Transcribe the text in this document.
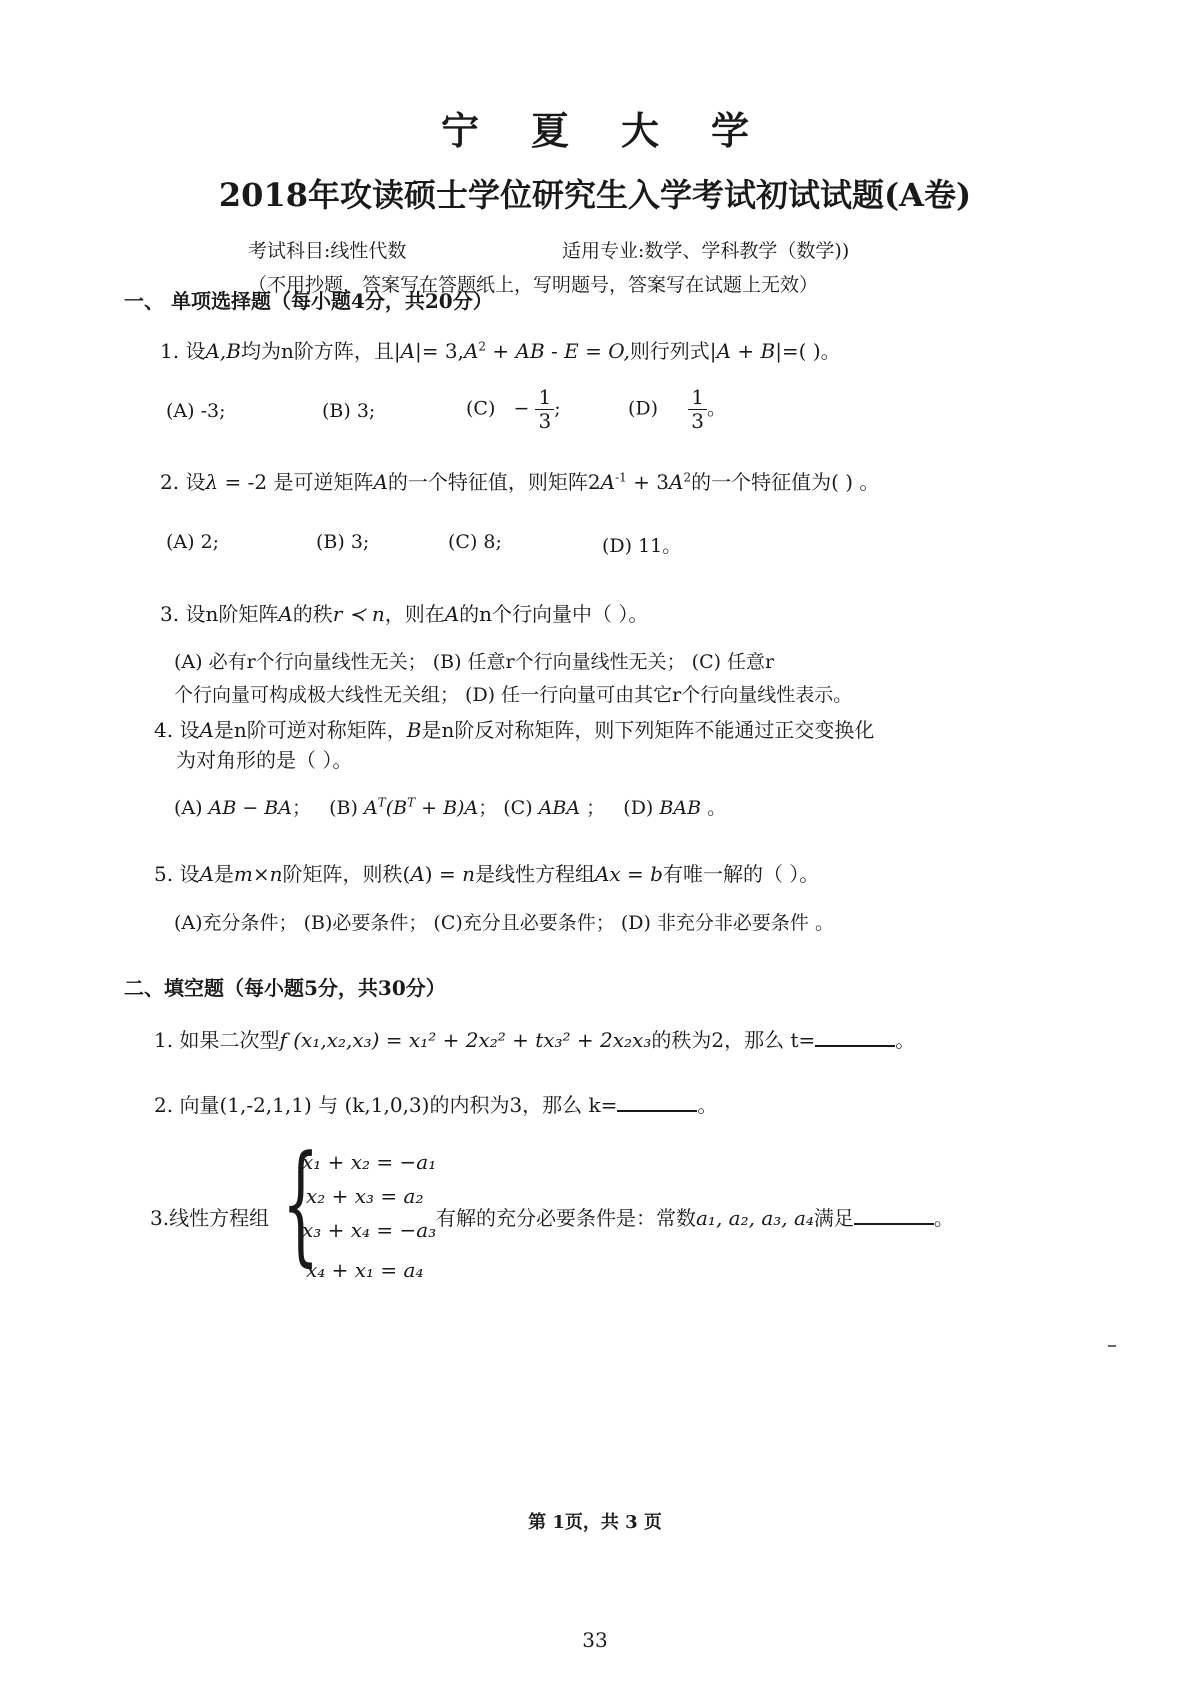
宁夏大学
2018年攻读硕士学位研究生入学考试初试试题(A卷)
考试科目:线性代数	适用专业:数学、学科教学（数学))
（不用抄题，答案写在答题纸上，写明题号，答案写在试题上无效）
一、 单项选择题（每小题4分，共20分）
1. 设A,B均为n阶方阵，且$|A|= 3,A^2$ + AB - E = O,则行列式|A + B|=( )。
(A) -3;	(B) 3;	$(C) - \frac{1}{3}$ ;	$(D) \frac{1}{3}$ 。
2. 设λ = -2 是可逆矩阵A的一个特征值，则矩阵$2A^{-1} + 3A^2$的一个特征值为( ) 。
(A) 2;	(B) 3;	(C) 8;	(D) 11。
3. 设n阶矩阵A的秩r ≺ n，则在A的n个行向量中（ ）。
(A) 必有r个行向量线性无关； (B) 任意r个行向量线性无关； (C) 任意r
个行向量可构成极大线性无关组； (D) 任一行向量可由其它r个行向量线性表示。
4. 设A是n阶可逆对称矩阵，B是n阶反对称矩阵，则下列矩阵不能通过正交变换化
为对角形的是（ ）。
(A) AB − BA； (B) $A^T(B^T + B)A$； (C) ABA ； (D) BAB 。
5. 设A是m×n阶矩阵，则秩(A) = n是线性方程组Ax = b有唯一解的（ ）。
(A)充分条件； (B)必要条件； (C)充分且必要条件； (D) 非充分非必要条件 。
二、填空题（每小题5分，共30分）
1. 如果二次型f (x₁,x₂,x₃) = x₁² + 2x₂² + tx₃² + 2x₂x₃的秩为2，那么 t=	。
2. 向量(1,-2,1,1) 与 (k,1,0,3)的内积为3，那么 k=	。
3.线性方程组 {
x₁ + x₂ = −a₁
x₂ + x₃ = a₂
x₃ + x₄ = −a₃
x₄ + x₁ = a₄
有解的充分必要条件是：常数a₁, a₂, a₃, a₄满足	。
第 1页，共 3 页
33
